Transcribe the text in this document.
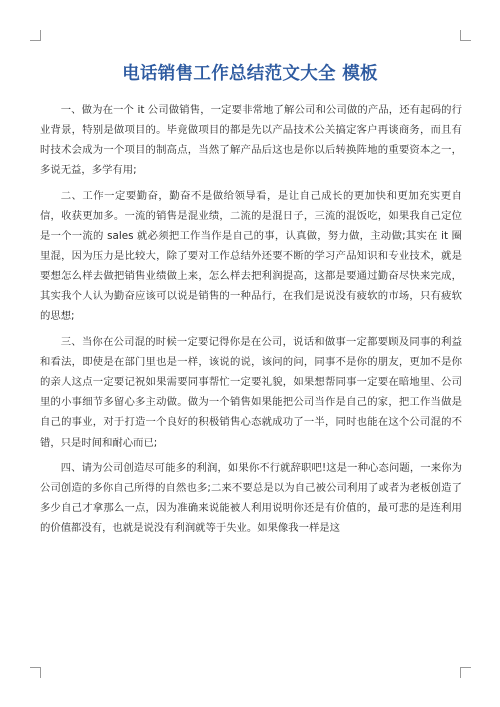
电话销售工作总结范文大全 模板

一、做为在一个 it 公司做销售，一定要非常地了解公司和公司做的产品，还有起码的行业背景，特别是做项目的。毕竟做项目的都是先以产品技术公关搞定客户再谈商务，而且有时技术会成为一个项目的制高点，当然了解产品后这也是你以后转换阵地的重要资本之一，多说无益，多学有用;

二、工作一定要勤奋，勤奋不是做给领导看，是让自己成长的更加快和更加充实更自信，收获更加多。一流的销售是混业绩，二流的是混日子，三流的混饭吃，如果我自己定位是一个一流的 sales 就必须把工作当作是自己的事，认真做，努力做，主动做;其实在 it 圈里混，因为压力是比较大，除了要对工作总结外还要不断的学习产品知识和专业技术，就是要想怎么样去做把销售业绩做上来，怎么样去把利润提高，这都是要通过勤奋尽快来完成，其实我个人认为勤奋应该可以说是销售的一种品行，在我们是说没有疲软的市场，只有疲软的思想;

三、当你在公司混的时候一定要记得你是在公司，说话和做事一定都要顾及同事的利益和看法，即使是在部门里也是一样，该说的说，该问的问，同事不是你的朋友，更加不是你的亲人这点一定要记祝如果需要同事帮忙一定要礼貌，如果想帮同事一定要在暗地里、公司里的小事细节多留心多主动做。做为一个销售如果能把公司当作是自己的家，把工作当做是自己的事业，对于打造一个良好的积极销售心态就成功了一半，同时也能在这个公司混的不错，只是时间和耐心而已;

四、请为公司创造尽可能多的利润，如果你不行就辞职吧!这是一种心态问题，一来你为公司创造的多你自己所得的自然也多;二来不要总是以为自己被公司利用了或者为老板创造了多少自己才拿那么一点，因为准确来说能被人利用说明你还是有价值的，最可悲的是连利用的价值都没有，也就是说没有利润就等于失业。如果像我一样是这
